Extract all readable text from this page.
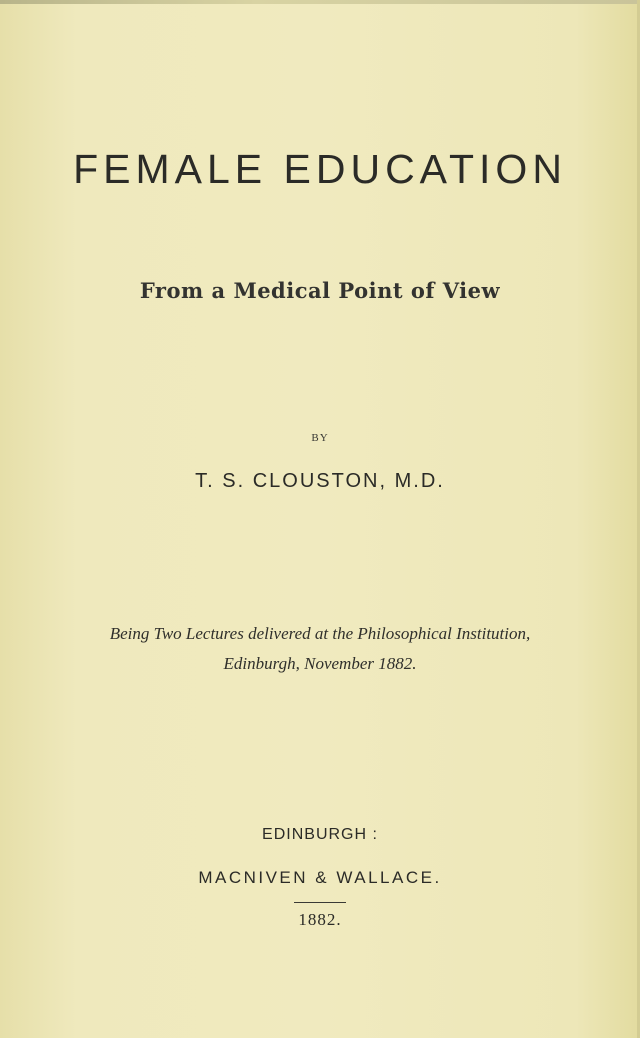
FEMALE EDUCATION
From a Medical Point of View
BY
T. S. CLOUSTON, M.D.
Being Two Lectures delivered at the Philosophical Institution,
Edinburgh, November 1882.
EDINBURGH :
MACNIVEN & WALLACE.
1882.
